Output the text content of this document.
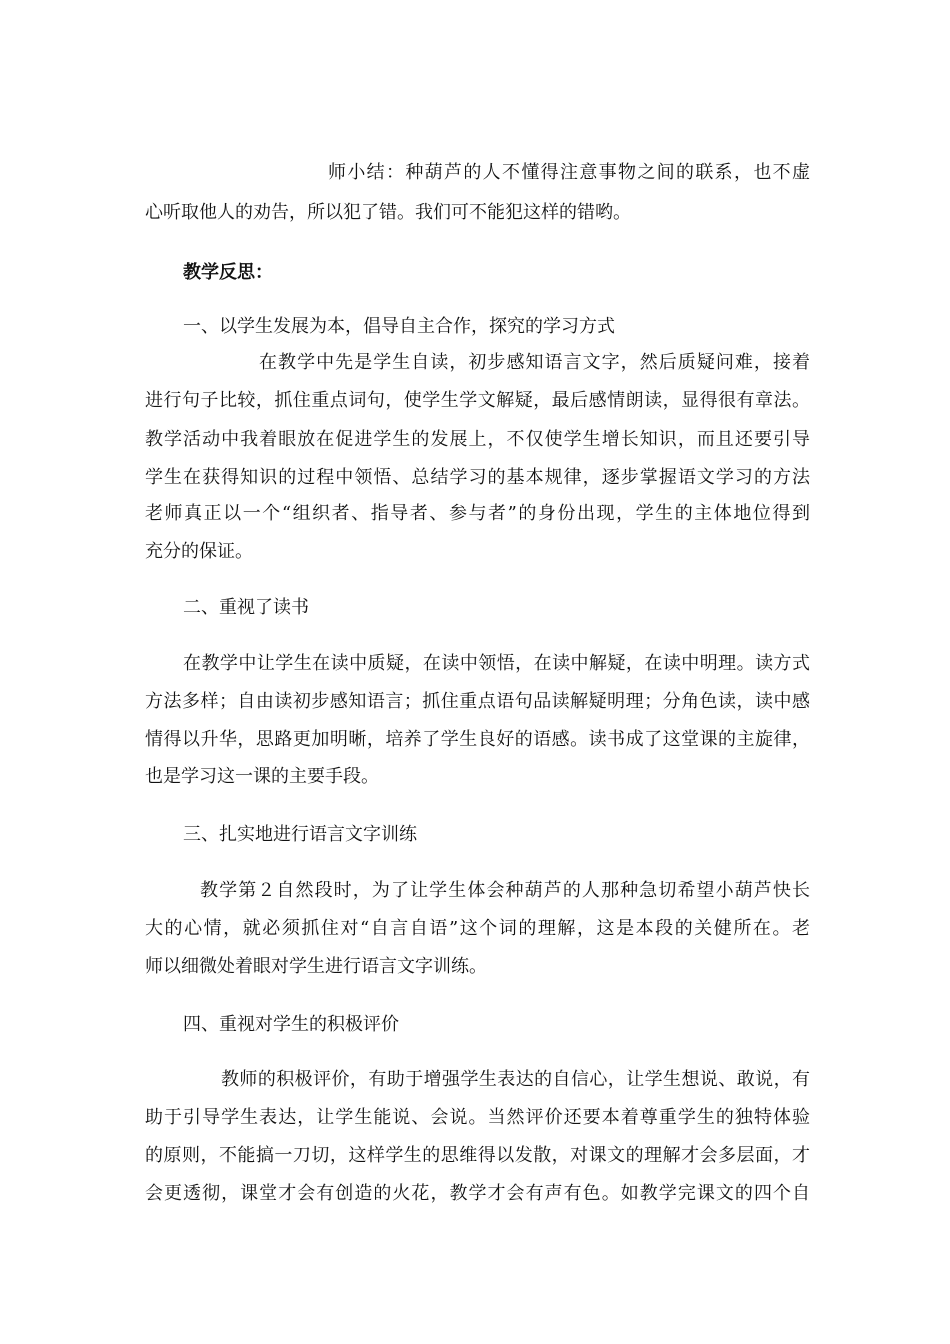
师小结：种葫芦的人不懂得注意事物之间的联系，也不虚
心听取他人的劝告，所以犯了错。我们可不能犯这样的错哟。
教学反思：
一、以学生发展为本，倡导自主合作，探究的学习方式
在教学中先是学生自读，初步感知语言文字，然后质疑问难，接着
进行句子比较，抓住重点词句，使学生学文解疑，最后感情朗读，显得很有章法。
教学活动中我着眼放在促进学生的发展上，不仅使学生增长知识，而且还要引导
学生在获得知识的过程中领悟、总结学习的基本规律，逐步掌握语文学习的方法
老师真正以一个“组织者、指导者、参与者”的身份出现，学生的主体地位得到
充分的保证。
二、重视了读书
在教学中让学生在读中质疑，在读中领悟，在读中解疑，在读中明理。读方式
方法多样；自由读初步感知语言；抓住重点语句品读解疑明理；分角色读，读中感
情得以升华，思路更加明晰，培养了学生良好的语感。读书成了这堂课的主旋律，
也是学习这一课的主要手段。
三、扎实地进行语言文字训练
教学第２自然段时，为了让学生体会种葫芦的人那种急切希望小葫芦快长
大的心情，就必须抓住对“自言自语”这个词的理解，这是本段的关健所在。老
师以细微处着眼对学生进行语言文字训练。
四、重视对学生的积极评价
教师的积极评价，有助于增强学生表达的自信心，让学生想说、敢说，有
助于引导学生表达，让学生能说、会说。当然评价还要本着尊重学生的独特体验
的原则，不能搞一刀切，这样学生的思维得以发散，对课文的理解才会多层面，才
会更透彻，课堂才会有创造的火花，教学才会有声有色。如教学完课文的四个自
